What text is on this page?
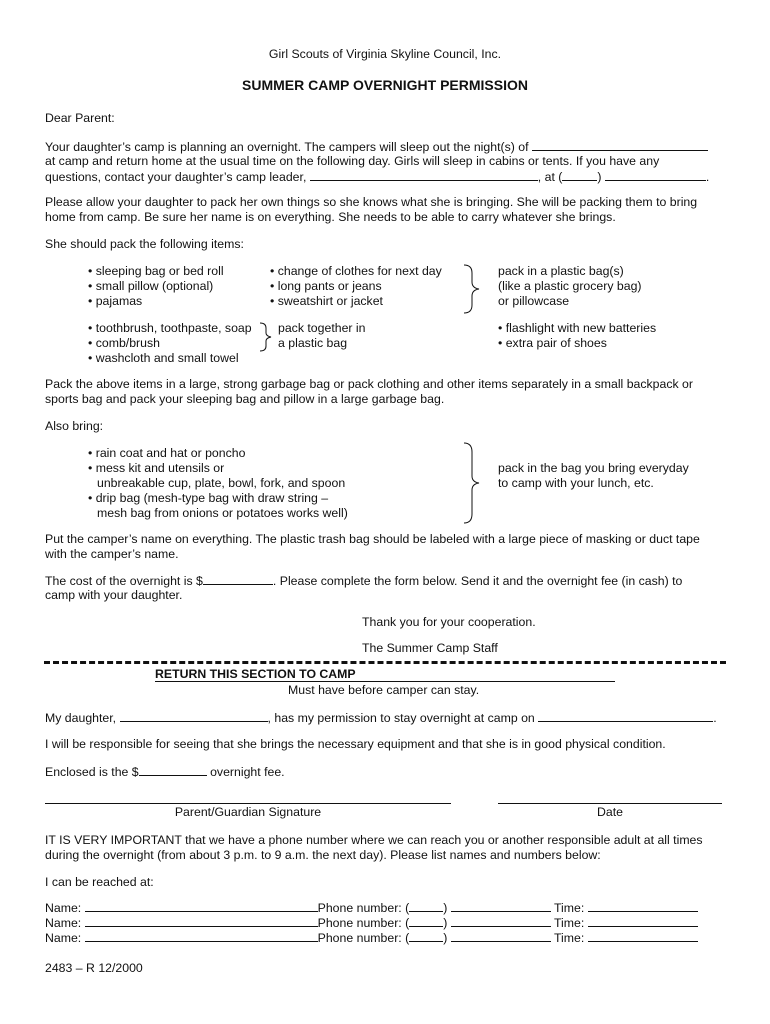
Girl Scouts of Virginia Skyline Council, Inc.
SUMMER CAMP OVERNIGHT PERMISSION
Dear Parent:
Your daughter’s camp is planning an overnight. The campers will sleep out the night(s) of
at camp and return home at the usual time on the following day. Girls will sleep in cabins or tents. If you have any
questions, contact your daughter’s camp leader,	, at (	)	.
Please allow your daughter to pack her own things so she knows what she is bringing. She will be packing them to bring
home from camp. Be sure her name is on everything. She needs to be able to carry whatever she brings.
She should pack the following items:
• sleeping bag or bed roll
• small pillow (optional)
• pajamas
• change of clothes for next day
• long pants or jeans
• sweatshirt or jacket
pack in a plastic bag(s)
(like a plastic grocery bag)
or pillowcase
• toothbrush, toothpaste, soap
• comb/brush
• washcloth and small towel
pack together in
a plastic bag
• flashlight with new batteries
• extra pair of shoes
Pack the above items in a large, strong garbage bag or pack clothing and other items separately in a small backpack or
sports bag and pack your sleeping bag and pillow in a large garbage bag.
Also bring:
• rain coat and hat or poncho
• mess kit and utensils or
unbreakable cup, plate, bowl, fork, and spoon
• drip bag (mesh-type bag with draw string –
mesh bag from onions or potatoes works well)
pack in the bag you bring everyday
to camp with your lunch, etc.
Put the camper’s name on everything. The plastic trash bag should be labeled with a large piece of masking or duct tape
with the camper’s name.
The cost of the overnight is $	. Please complete the form below. Send it and the overnight fee (in cash) to
camp with your daughter.
Thank you for your cooperation.
The Summer Camp Staff
RETURN THIS SECTION TO CAMP
Must have before camper can stay.
My daughter,	, has my permission to stay overnight at camp on	.
I will be responsible for seeing that she brings the necessary equipment and that she is in good physical condition.
Enclosed is the $	overnight fee.
Parent/Guardian Signature	Date
IT IS VERY IMPORTANT that we have a phone number where we can reach you or another responsible adult at all times
during the overnight (from about 3 p.m. to 9 a.m. the next day). Please list names and numbers below:
I can be reached at:
Name:	Phone number: (	)	Time:
Name:	Phone number: (	)	Time:
Name:	Phone number: (	)	Time:
2483 – R 12/2000
